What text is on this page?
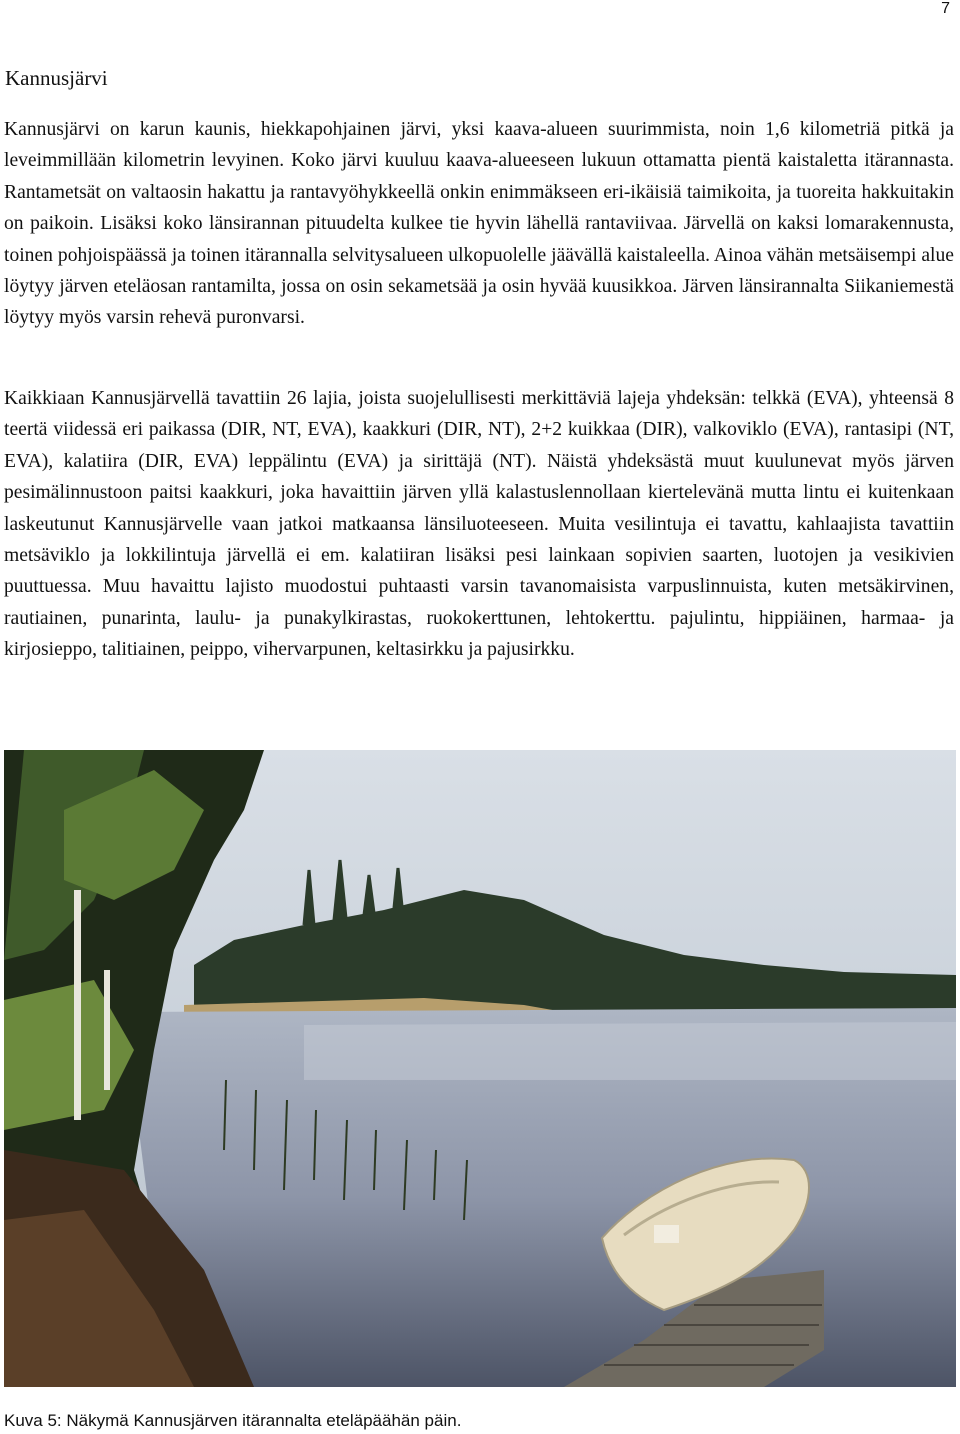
7
Kannusjärvi

Kannusjärvi on karun kaunis, hiekkapohjainen järvi, yksi kaava-alueen suurimmista, noin 1,6 kilometriä pitkä ja leveimmillään kilometrin levyinen. Koko järvi kuuluu kaava-alueeseen lukuun ottamatta pientä kaistaletta itärannasta. Rantametsät on valtaosin hakattu ja rantavyöhykkeellä onkin enimmäkseen eri-ikäisiä taimikoita, ja tuoreita hakkuitakin on paikoin. Lisäksi koko länsirannan pituudelta kulkee tie hyvin lähellä rantaviivaa. Järvellä on kaksi lomarakennusta, toinen pohjoispäässä ja toinen itärannalla selvitysalueen ulkopuolelle jäävällä kaistaleella. Ainoa vähän metsäisempi alue löytyy järven eteläosan rantamilta, jossa on osin sekametsää ja osin hyvää kuusikkoa. Järven länsirannalta Siikaniemestä löytyy myös varsin rehevä puronvarsi.

Kaikkiaan Kannusjärvellä tavattiin 26 lajia, joista suojelullisesti merkittäviä lajeja yhdeksän: telkkä (EVA), yhteensä 8 teertä viidessä eri paikassa (DIR, NT, EVA), kaakkuri (DIR, NT), 2+2 kuikkaa (DIR), valkoviklo (EVA), rantasipi (NT, EVA), kalatiira (DIR, EVA) leppälintu (EVA) ja sirittäjä (NT). Näistä yhdeksästä muut kuulunevat myös järven pesimälinnustoon paitsi kaakkuri, joka havaittiin järven yllä kalastuslennollaan kiertelevänä mutta lintu ei kuitenkaan laskeutunut Kannusjärvelle vaan jatkoi matkaansa länsiluoteeseen. Muita vesilintuja ei tavattu, kahlaajista tavattiin metsäviklo ja lokkilintuja järvellä ei em. kalatiiran lisäksi pesi lainkaan sopivien saarten, luotojen ja vesikivien puuttuessa. Muu havaittu lajisto muodostui puhtaasti varsin tavanomaisista varpuslinnuista, kuten metsäkirvinen, rautiainen, punarinta, laulu- ja punakylkirastas, ruokokerttunen, lehtokerttu. pajulintu, hippiäinen, harmaa- ja kirjosieppo, talitiainen, peippo, vihervarpunen, keltasirkku ja pajusirkku.

Kuva 5: Näkymä Kannusjärven itärannalta eteläpäähän päin.
